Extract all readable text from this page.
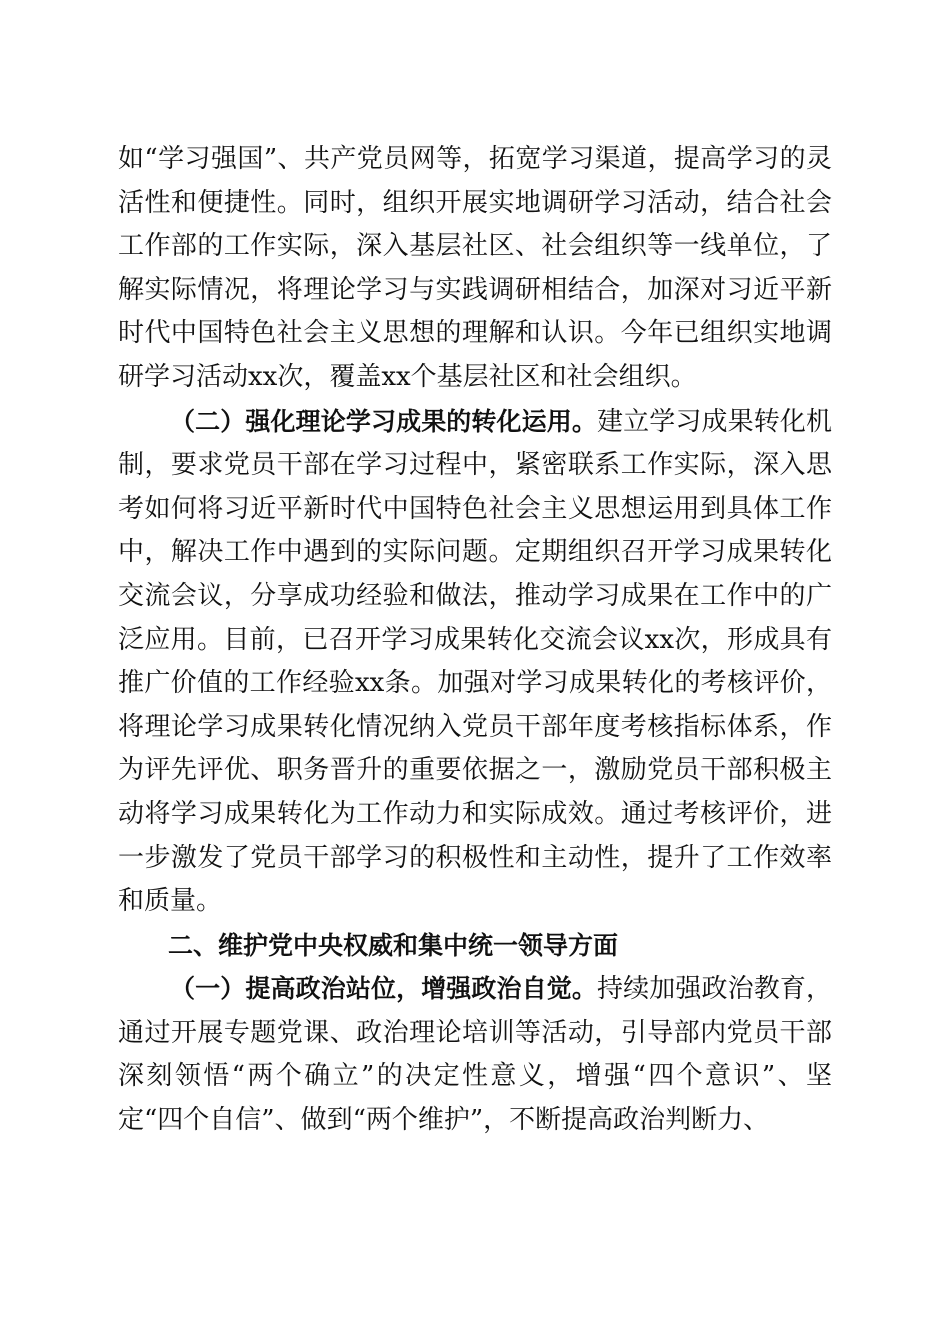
如“学习强国”、共产党员网等，拓宽学习渠道，提高学习的灵活性和便捷性。同时，组织开展实地调研学习活动，结合社会工作部的工作实际，深入基层社区、社会组织等一线单位，了解实际情况，将理论学习与实践调研相结合，加深对习近平新时代中国特色社会主义思想的理解和认识。今年已组织实地调研学习活动xx次，覆盖xx个基层社区和社会组织。

（二）强化理论学习成果的转化运用。建立学习成果转化机制，要求党员干部在学习过程中，紧密联系工作实际，深入思考如何将习近平新时代中国特色社会主义思想运用到具体工作中，解决工作中遇到的实际问题。定期组织召开学习成果转化交流会议，分享成功经验和做法，推动学习成果在工作中的广泛应用。目前，已召开学习成果转化交流会议xx次，形成具有推广价值的工作经验xx条。加强对学习成果转化的考核评价，将理论学习成果转化情况纳入党员干部年度考核指标体系，作为评先评优、职务晋升的重要依据之一，激励党员干部积极主动将学习成果转化为工作动力和实际成效。通过考核评价，进一步激发了党员干部学习的积极性和主动性，提升了工作效率和质量。

二、维护党中央权威和集中统一领导方面

（一）提高政治站位，增强政治自觉。持续加强政治教育，通过开展专题党课、政治理论培训等活动，引导部内党员干部深刻领悟“两个确立”的决定性意义，增强“四个意识”、坚定“四个自信”、做到“两个维护”，不断提高政治判断力、
